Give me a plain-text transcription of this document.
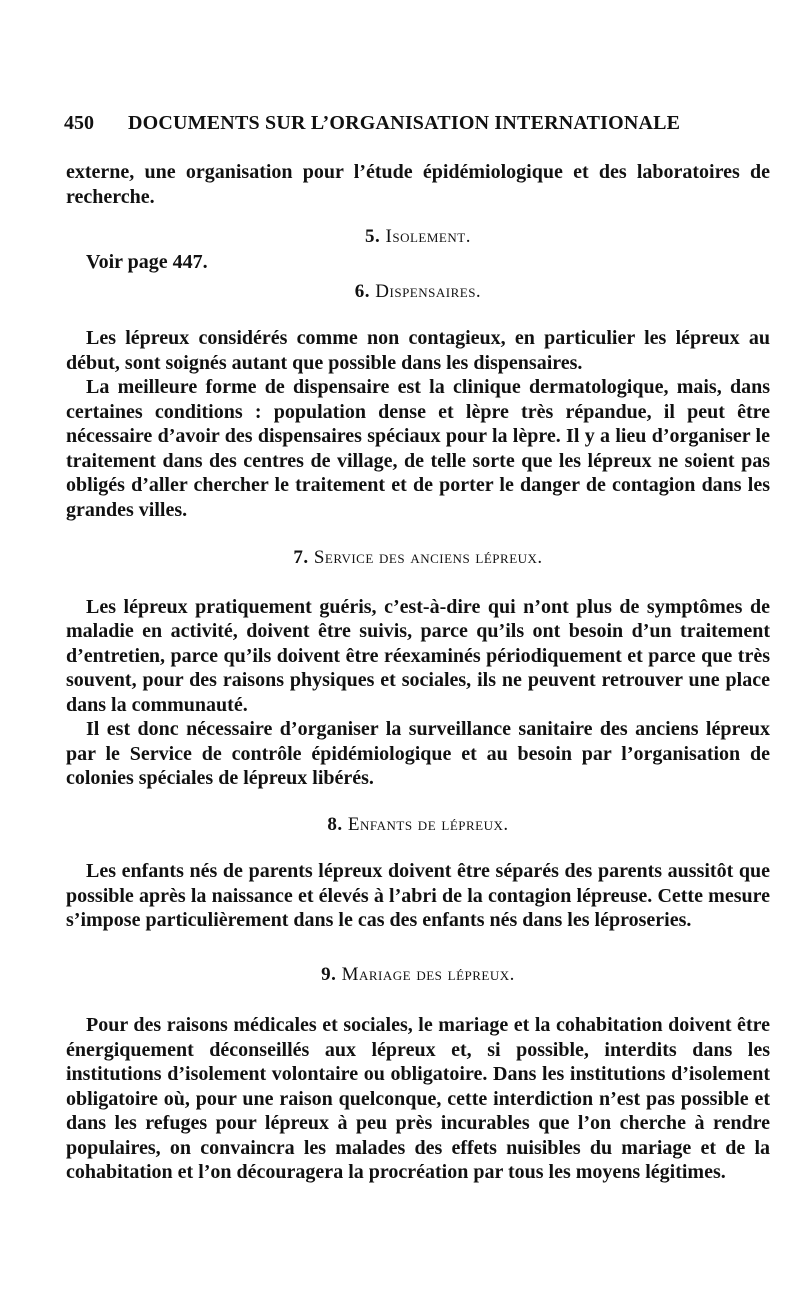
450 DOCUMENTS SUR L’ORGANISATION INTERNATIONALE

externe, une organisation pour l’étude épidémiologique et des laboratoires de recherche.

5. Isolement.
Voir page 447.
6. Dispensaires.

Les lépreux considérés comme non contagieux, en particulier les lépreux au début, sont soignés autant que possible dans les dispensaires.

La meilleure forme de dispensaire est la clinique dermatologique, mais, dans certaines conditions : population dense et lèpre très répandue, il peut être nécessaire d’avoir des dispensaires spéciaux pour la lèpre. Il y a lieu d’organiser le traitement dans des centres de village, de telle sorte que les lépreux ne soient pas obligés d’aller chercher le traitement et de porter le danger de contagion dans les grandes villes.

7. Service des anciens lépreux.

Les lépreux pratiquement guéris, c’est-à-dire qui n’ont plus de symptômes de maladie en activité, doivent être suivis, parce qu’ils ont besoin d’un traitement d’entretien, parce qu’ils doivent être réexaminés périodiquement et parce que très souvent, pour des raisons physiques et sociales, ils ne peuvent retrouver une place dans la communauté.

Il est donc nécessaire d’organiser la surveillance sanitaire des anciens lépreux par le Service de contrôle épidémiologique et au besoin par l’organisation de colonies spéciales de lépreux libérés.

8. Enfants de lépreux.

Les enfants nés de parents lépreux doivent être séparés des parents aussitôt que possible après la naissance et élevés à l’abri de la contagion lépreuse. Cette mesure s’impose particulièrement dans le cas des enfants nés dans les léproseries.

9. Mariage des lépreux.

Pour des raisons médicales et sociales, le mariage et la cohabitation doivent être énergiquement déconseillés aux lépreux et, si possible, interdits dans les institutions d’isolement volontaire ou obligatoire. Dans les institutions d’isolement obligatoire où, pour une raison quelconque, cette interdiction n’est pas possible et dans les refuges pour lépreux à peu près incurables que l’on cherche à rendre populaires, on convaincra les malades des effets nuisibles du mariage et de la cohabitation et l’on découragera la procréation par tous les moyens légitimes.
